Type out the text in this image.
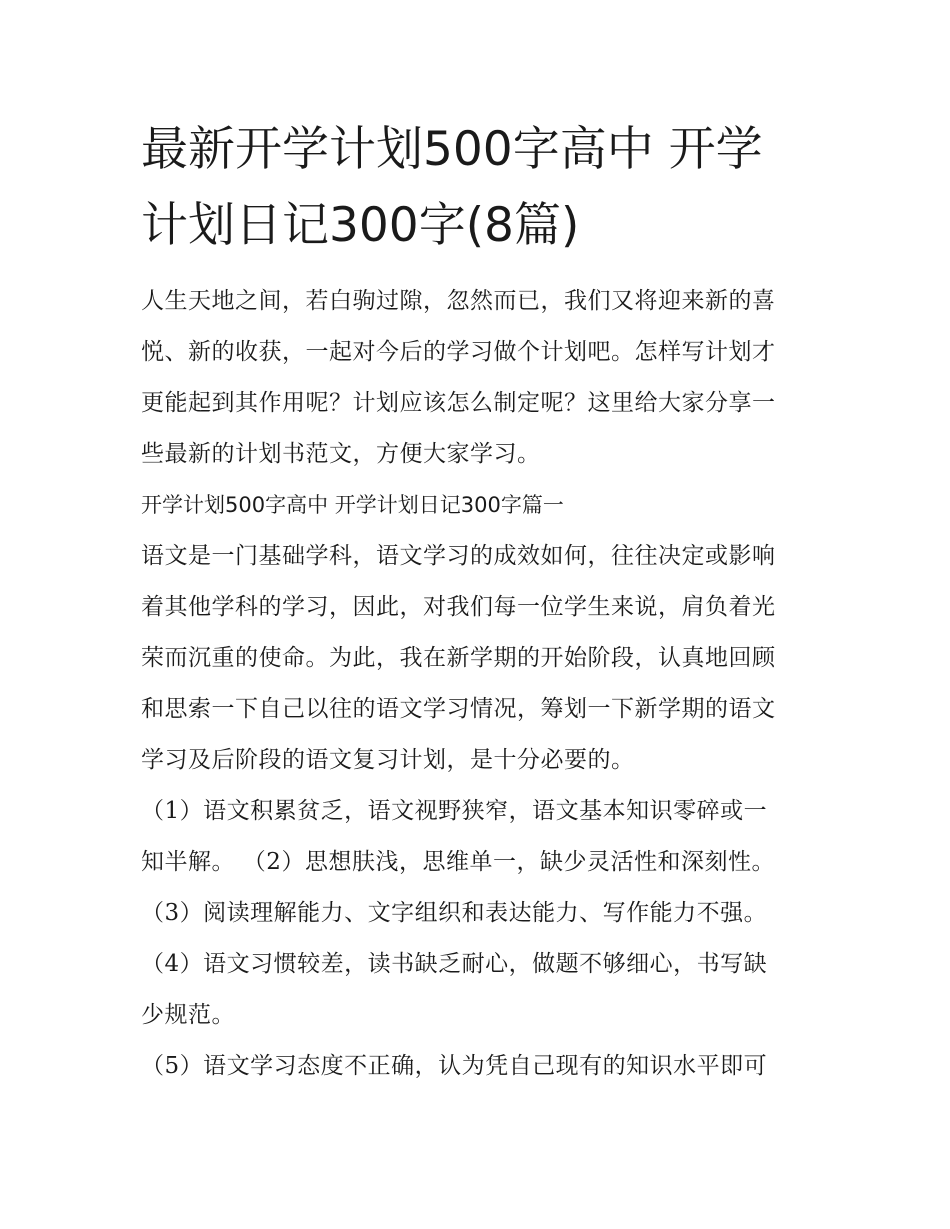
最新开学计划500字高中 开学
计划日记300字(8篇)

人生天地之间，若白驹过隙，忽然而已，我们又将迎来新的喜
悦、新的收获，一起对今后的学习做个计划吧。怎样写计划才
更能起到其作用呢？计划应该怎么制定呢？这里给大家分享一
些最新的计划书范文，方便大家学习。

开学计划500字高中 开学计划日记300字篇一

语文是一门基础学科，语文学习的成效如何，往往决定或影响
着其他学科的学习，因此，对我们每一位学生来说，肩负着光
荣而沉重的使命。为此，我在新学期的开始阶段，认真地回顾
和思索一下自己以往的语文学习情况，筹划一下新学期的语文
学习及后阶段的语文复习计划，是十分必要的。
（1）语文积累贫乏，语文视野狭窄，语文基本知识零碎或一
知半解。 （2）思想肤浅，思维单一，缺少灵活性和深刻性。
（3）阅读理解能力、文字组织和表达能力、写作能力不强。
（4）语文习惯较差，读书缺乏耐心，做题不够细心，书写缺
少规范。
（5）语文学习态度不正确，认为凭自己现有的知识水平即可
